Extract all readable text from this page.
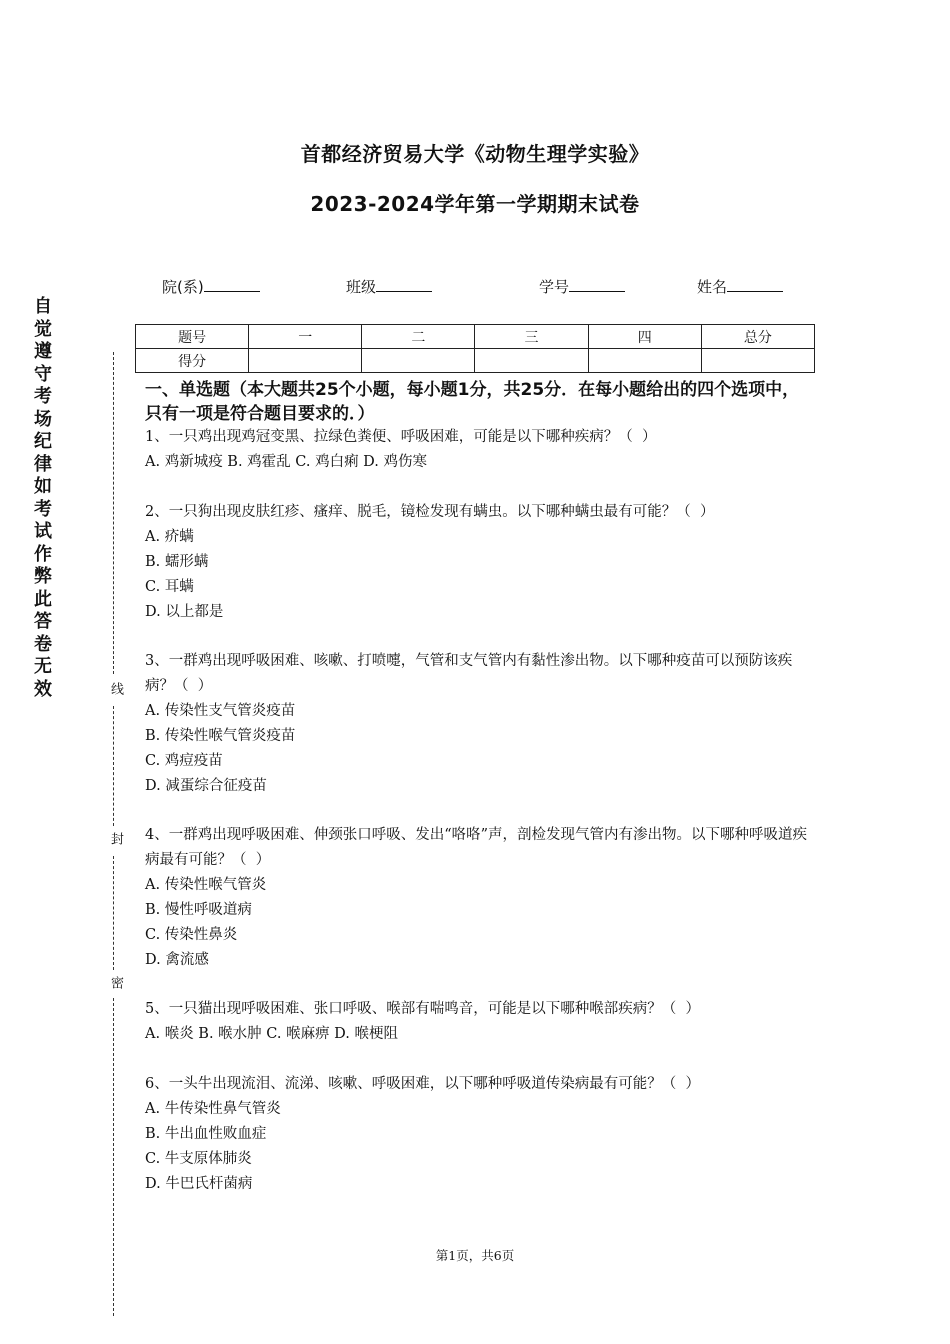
首都经济贸易大学《动物生理学实验》
2023-2024学年第一学期期末试卷
院(系)	班级	学号	姓名
题号	一	二	三	四	总分
得分					
自觉遵守考场纪律如考试作弊此答卷无效	线
封
密
一、单选题（本大题共25个小题，每小题1分，共25分．在每小题给出的四个选项中，只有一项是符合题目要求的．）
1、一只鸡出现鸡冠变黑、拉绿色粪便、呼吸困难，可能是以下哪种疾病？（  ）
A. 鸡新城疫 B. 鸡霍乱 C. 鸡白痢 D. 鸡伤寒
2、一只狗出现皮肤红疹、瘙痒、脱毛，镜检发现有螨虫。以下哪种螨虫最有可能？（  ）
A. 疥螨
B. 蠕形螨
C. 耳螨
D. 以上都是
3、一群鸡出现呼吸困难、咳嗽、打喷嚏，气管和支气管内有黏性渗出物。以下哪种疫苗可以预防该疾病？（  ）
A. 传染性支气管炎疫苗
B. 传染性喉气管炎疫苗
C. 鸡痘疫苗
D. 减蛋综合征疫苗
4、一群鸡出现呼吸困难、伸颈张口呼吸、发出“咯咯”声，剖检发现气管内有渗出物。以下哪种呼吸道疾病最有可能？（  ）
A. 传染性喉气管炎
B. 慢性呼吸道病
C. 传染性鼻炎
D. 禽流感
5、一只猫出现呼吸困难、张口呼吸、喉部有喘鸣音，可能是以下哪种喉部疾病？（  ）
A. 喉炎 B. 喉水肿 C. 喉麻痹 D. 喉梗阻
6、一头牛出现流泪、流涕、咳嗽、呼吸困难，以下哪种呼吸道传染病最有可能？（  ）
A. 牛传染性鼻气管炎
B. 牛出血性败血症
C. 牛支原体肺炎
D. 牛巴氏杆菌病
第1页，共6页
